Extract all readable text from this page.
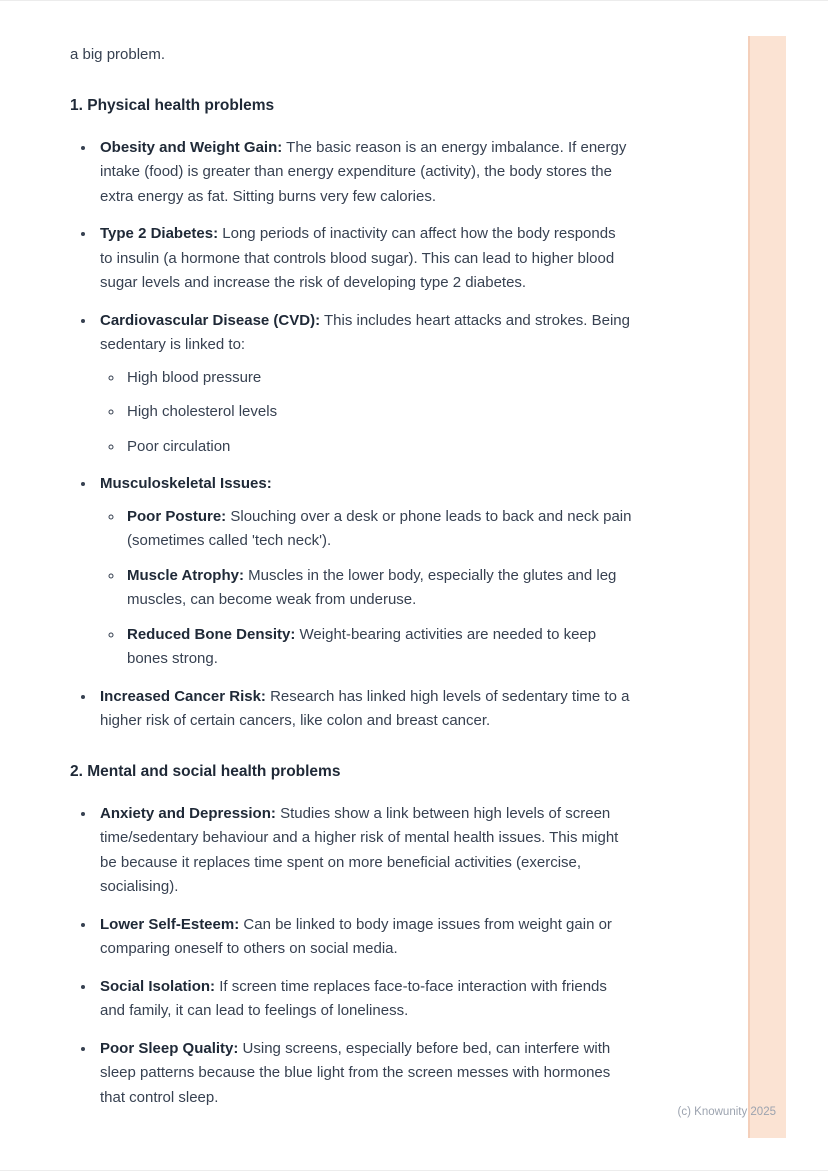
a big problem.

1. Physical health problems
• Obesity and Weight Gain: The basic reason is an energy imbalance. If energy intake (food) is greater than energy expenditure (activity), the body stores the extra energy as fat. Sitting burns very few calories.
• Type 2 Diabetes: Long periods of inactivity can affect how the body responds to insulin (a hormone that controls blood sugar). This can lead to higher blood sugar levels and increase the risk of developing type 2 diabetes.
• Cardiovascular Disease (CVD): This includes heart attacks and strokes. Being sedentary is linked to:
◦ High blood pressure
◦ High cholesterol levels
◦ Poor circulation
• Musculoskeletal Issues:
◦ Poor Posture: Slouching over a desk or phone leads to back and neck pain (sometimes called 'tech neck').
◦ Muscle Atrophy: Muscles in the lower body, especially the glutes and leg muscles, can become weak from underuse.
◦ Reduced Bone Density: Weight-bearing activities are needed to keep bones strong.
• Increased Cancer Risk: Research has linked high levels of sedentary time to a higher risk of certain cancers, like colon and breast cancer.
2. Mental and social health problems
• Anxiety and Depression: Studies show a link between high levels of screen time/sedentary behaviour and a higher risk of mental health issues. This might be because it replaces time spent on more beneficial activities (exercise, socialising).
• Lower Self-Esteem: Can be linked to body image issues from weight gain or comparing oneself to others on social media.
• Social Isolation: If screen time replaces face-to-face interaction with friends and family, it can lead to feelings of loneliness.
• Poor Sleep Quality: Using screens, especially before bed, can interfere with sleep patterns because the blue light from the screen messes with hormones that control sleep.
(c) Knowunity 2025
